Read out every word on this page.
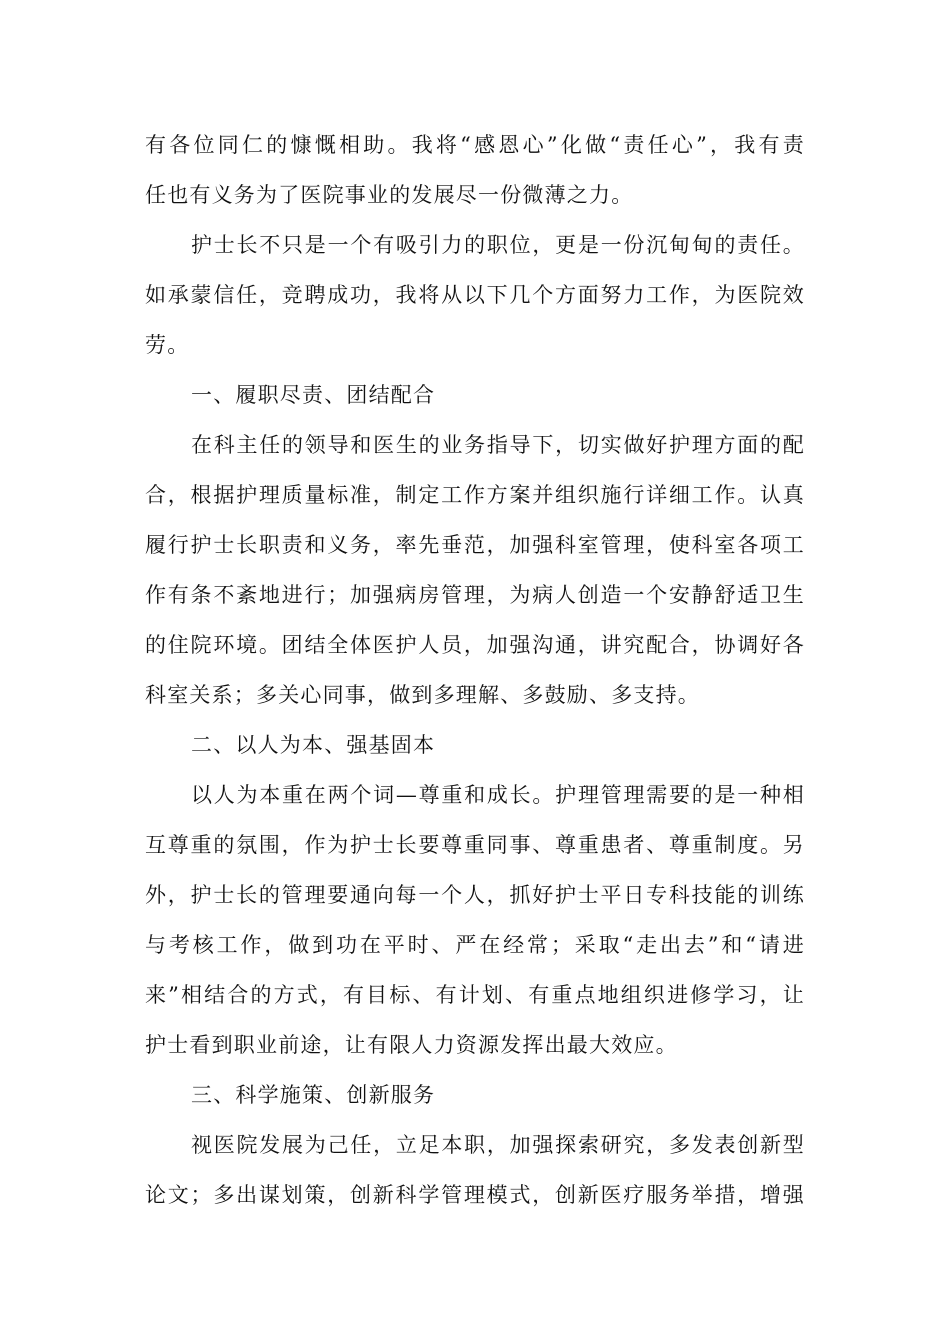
有各位同仁的慷慨相助。我将“感恩心”化做“责任心”，我有责
任也有义务为了医院事业的发展尽一份微薄之力。
护士长不只是一个有吸引力的职位，更是一份沉甸甸的责任。
如承蒙信任，竞聘成功，我将从以下几个方面努力工作，为医院效
劳。
一、履职尽责、团结配合
在科主任的领导和医生的业务指导下，切实做好护理方面的配
合，根据护理质量标准，制定工作方案并组织施行详细工作。认真
履行护士长职责和义务，率先垂范，加强科室管理，使科室各项工
作有条不紊地进行；加强病房管理，为病人创造一个安静舒适卫生
的住院环境。团结全体医护人员，加强沟通，讲究配合，协调好各
科室关系；多关心同事，做到多理解、多鼓励、多支持。
二、以人为本、强基固本
以人为本重在两个词—尊重和成长。护理管理需要的是一种相
互尊重的氛围，作为护士长要尊重同事、尊重患者、尊重制度。另
外，护士长的管理要通向每一个人，抓好护士平日专科技能的训练
与考核工作，做到功在平时、严在经常；采取“走出去”和“请进
来”相结合的方式，有目标、有计划、有重点地组织进修学习，让
护士看到职业前途，让有限人力资源发挥出最大效应。
三、科学施策、创新服务
视医院发展为己任，立足本职，加强探索研究，多发表创新型
论文；多出谋划策，创新科学管理模式，创新医疗服务举措，增强
